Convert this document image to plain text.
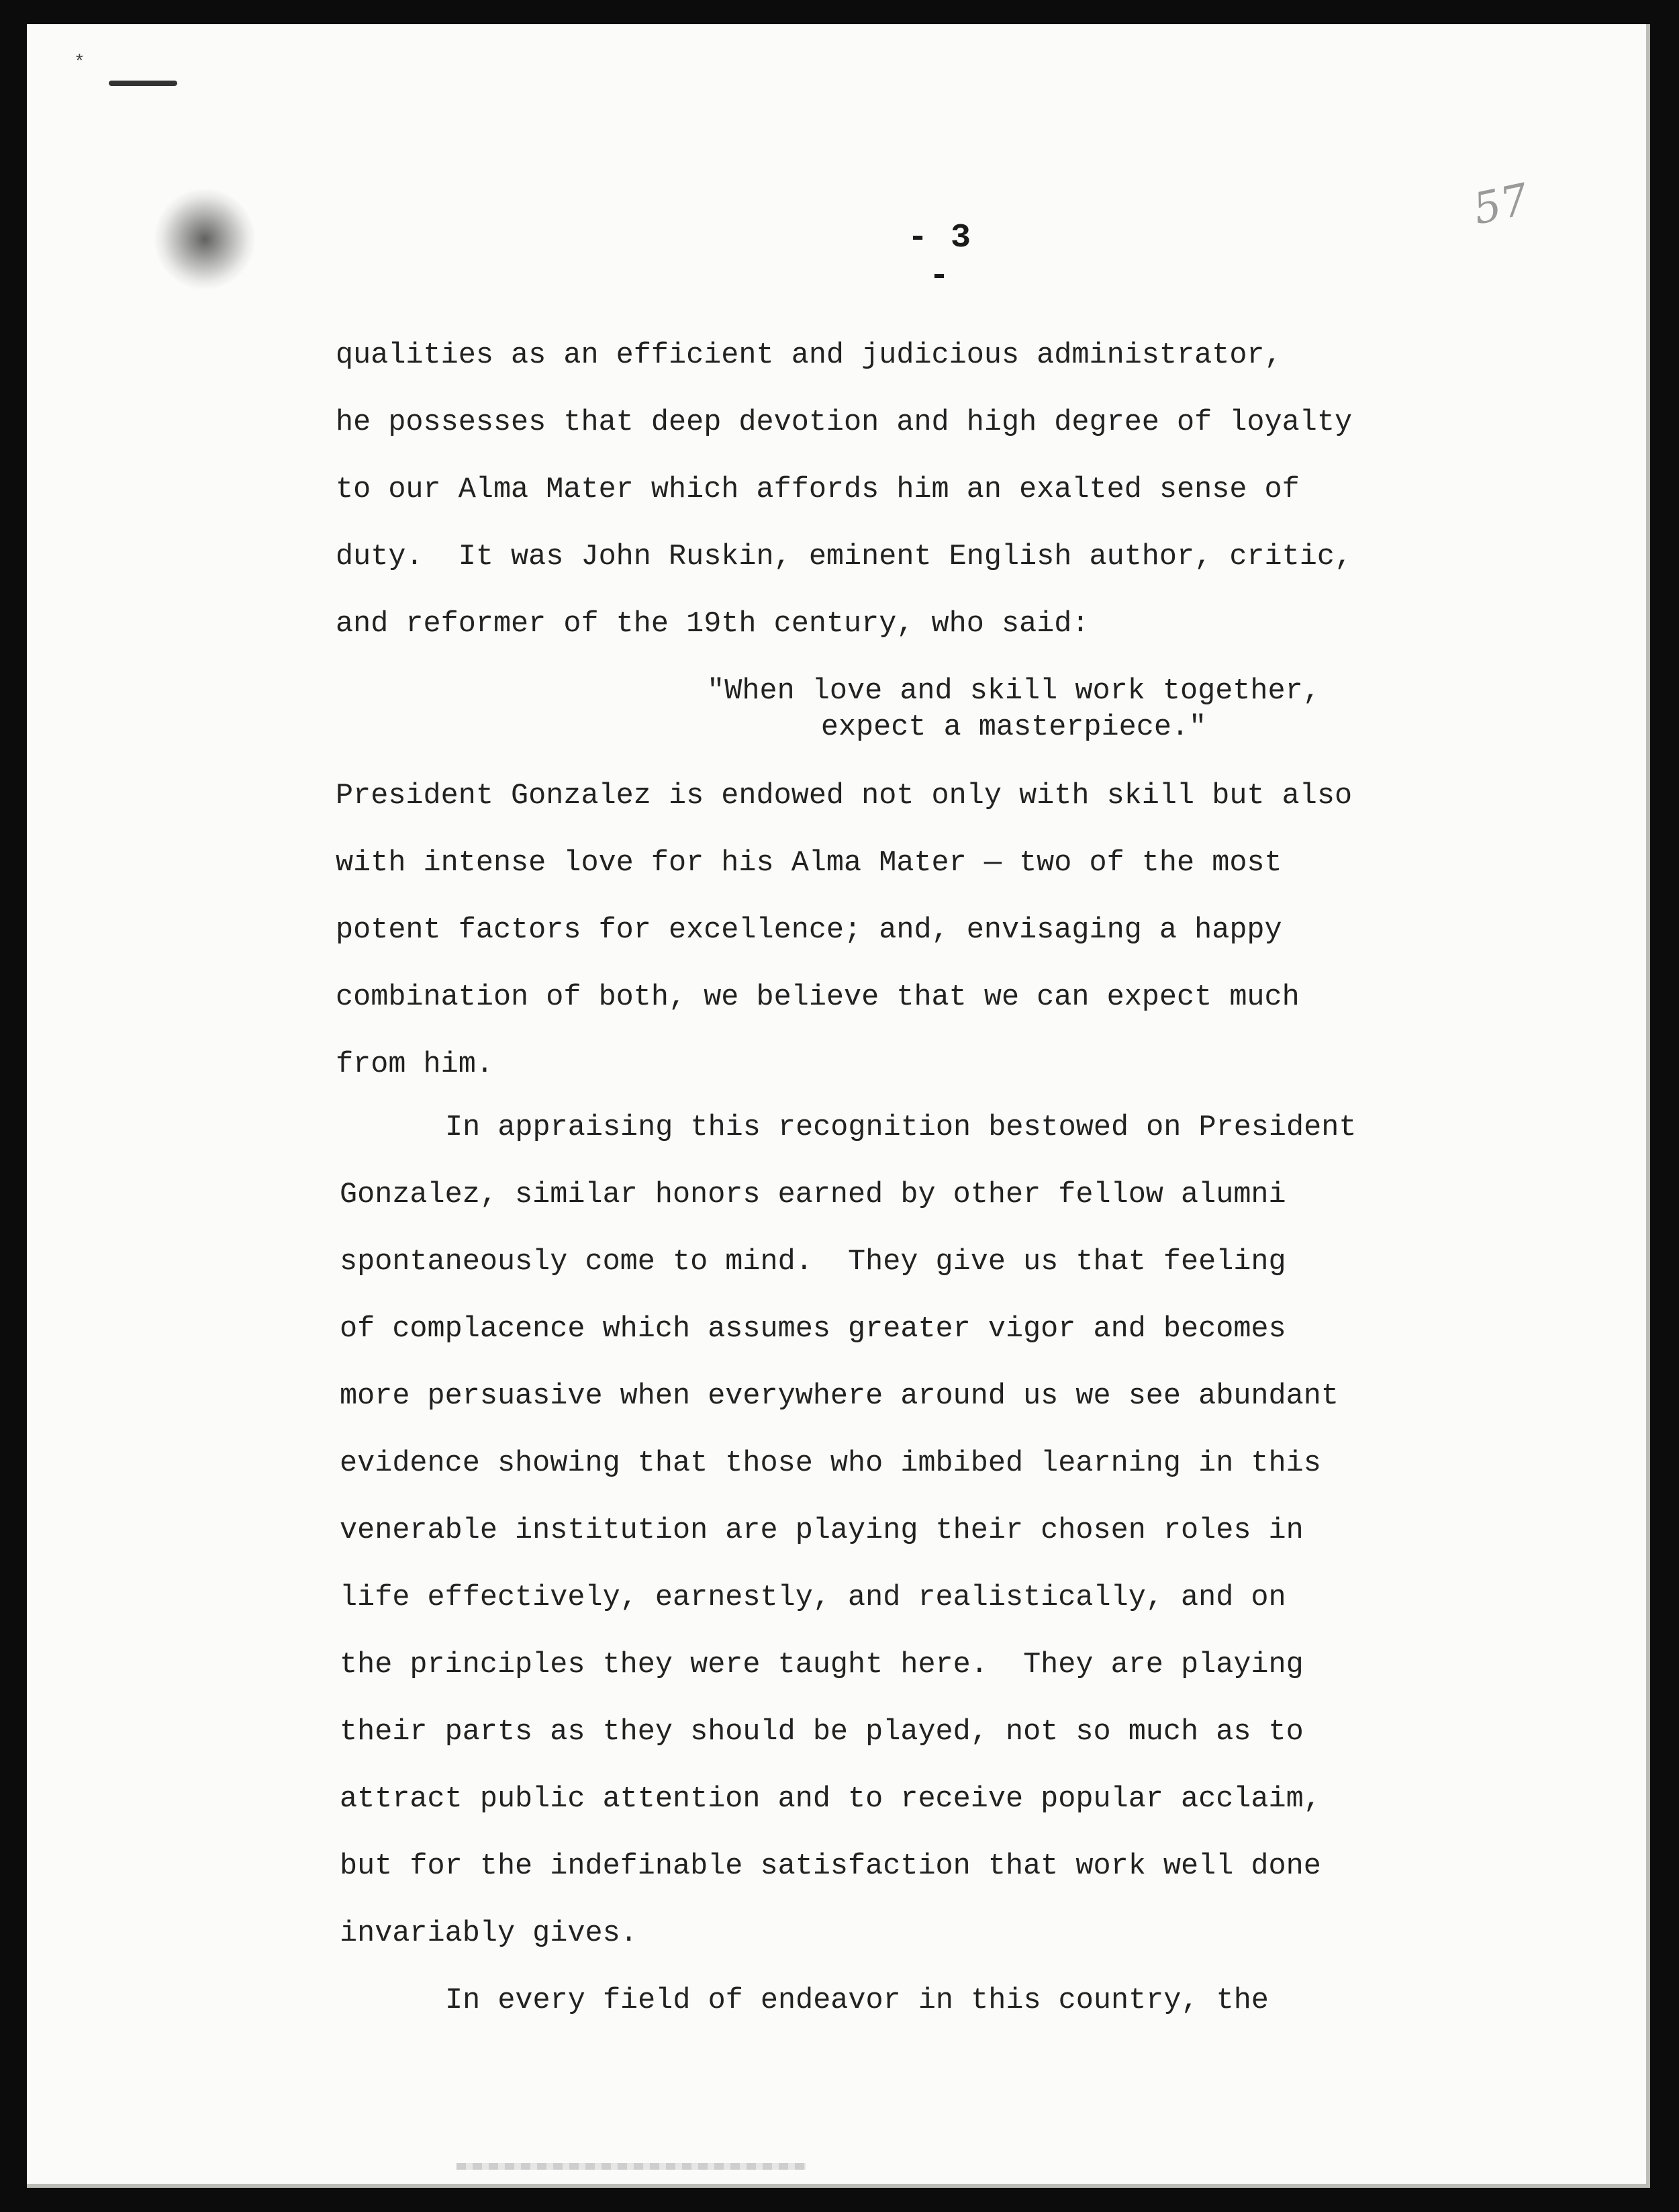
*
57
- 3 -
qualities as an efficient and judicious administrator,
he possesses that deep devotion and high degree of loyalty
to our Alma Mater which affords him an exalted sense of
duty.  It was John Ruskin, eminent English author, critic,
and reformer of the 19th century, who said:
"When love and skill work together,
expect a masterpiece."
President Gonzalez is endowed not only with skill but also
with intense love for his Alma Mater — two of the most
potent factors for excellence; and, envisaging a happy
combination of both, we believe that we can expect much
from him.
In appraising this recognition bestowed on President
Gonzalez, similar honors earned by other fellow alumni
spontaneously come to mind.  They give us that feeling
of complacence which assumes greater vigor and becomes
more persuasive when everywhere around us we see abundant
evidence showing that those who imbibed learning in this
venerable institution are playing their chosen roles in
life effectively, earnestly, and realistically, and on
the principles they were taught here.  They are playing
their parts as they should be played, not so much as to
attract public attention and to receive popular acclaim,
but for the indefinable satisfaction that work well done
invariably gives.
In every field of endeavor in this country, the
